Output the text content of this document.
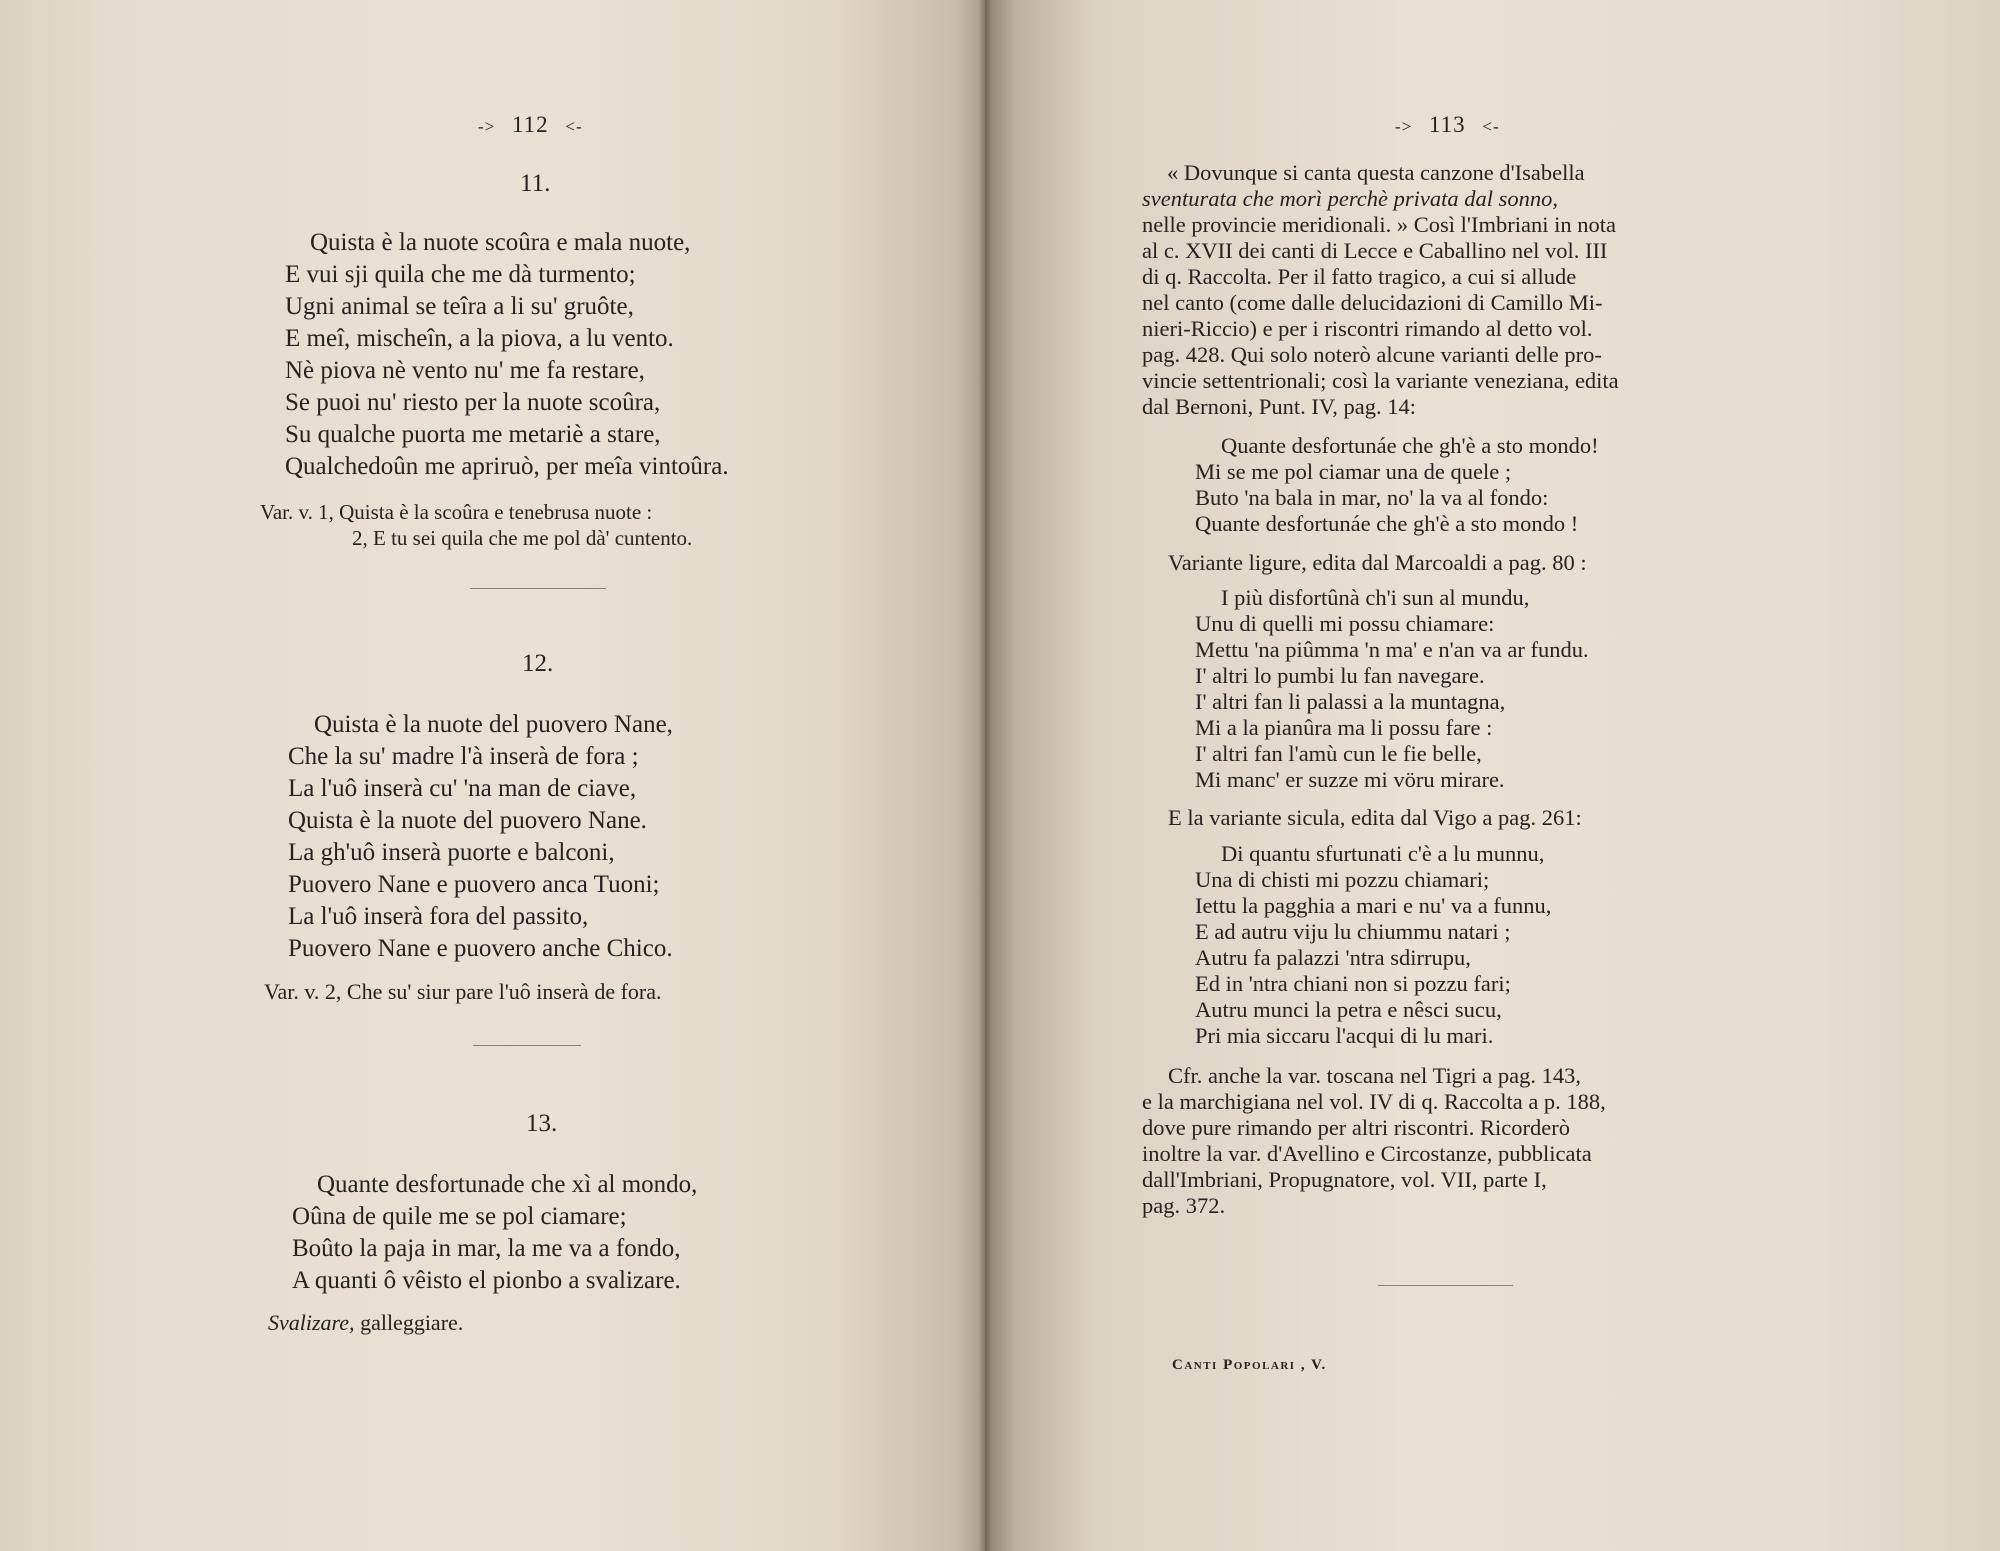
-> 112 <-
11.
Quista è la nuote scoûra e mala nuote,
E vui sji quila che me dà turmento;
Ugni animal se teîra a li su' gruôte,
E meî, mischeîn, a la piova, a lu vento.
Nè piova nè vento nu' me fa restare,
Se puoi nu' riesto per la nuote scoûra,
Su qualche puorta me metariè a stare,
Qualchedoûn me apriruò, per meîa vintoûra.
Var. v. 1, Quista è la scoûra e tenebrusa nuote :
2, E tu sei quila che me pol dà' cuntento.
12.
Quista è la nuote del puovero Nane,
Che la su' madre l'à inserà de fora ;
La l'uô inserà cu' 'na man de ciave,
Quista è la nuote del puovero Nane.
La gh'uô inserà puorte e balconi,
Puovero Nane e puovero anca Tuoni;
La l'uô inserà fora del passito,
Puovero Nane e puovero anche Chico.
Var. v. 2, Che su' siur pare l'uô inserà de fora.
13.
Quante desfortunade che xì al mondo,
Oûna de quile me se pol ciamare;
Boûto la paja in mar, la me va a fondo,
A quanti ô vêisto el pionbo a svalizare.
Svalizare, galleggiare.
-> 113 <-
« Dovunque si canta questa canzone d'Isabella
sventurata che morì perchè privata dal sonno,
nelle provincie meridionali. » Così l'Imbriani in nota
al c. XVII dei canti di Lecce e Caballino nel vol. III
di q. Raccolta. Per il fatto tragico, a cui si allude
nel canto (come dalle delucidazioni di Camillo Mi-
nieri-Riccio) e per i riscontri rimando al detto vol.
pag. 428. Qui solo noterò alcune varianti delle pro-
vincie settentrionali; così la variante veneziana, edita
dal Bernoni, Punt. IV, pag. 14:
Quante desfortunáe che gh'è a sto mondo!
Mi se me pol ciamar una de quele ;
Buto 'na bala in mar, no' la va al fondo:
Quante desfortunáe che gh'è a sto mondo !
Variante ligure, edita dal Marcoaldi a pag. 80 :
I più disfortûnà ch'i sun al mundu,
Unu di quelli mi possu chiamare:
Mettu 'na piûmma 'n ma' e n'an va ar fundu.
I' altri lo pumbi lu fan navegare.
I' altri fan li palassi a la muntagna,
Mi a la pianûra ma li possu fare :
I' altri fan l'amù cun le fie belle,
Mi manc' er suzze mi vöru mirare.
E la variante sicula, edita dal Vigo a pag. 261:
Di quantu sfurtunati c'è a lu munnu,
Una di chisti mi pozzu chiamari;
Iettu la pagghia a mari e nu' va a funnu,
E ad autru viju lu chiummu natari ;
Autru fa palazzi 'ntra sdirrupu,
Ed in 'ntra chiani non si pozzu fari;
Autru munci la petra e nêsci sucu,
Pri mia siccaru l'acqui di lu mari.
Cfr. anche la var. toscana nel Tigri a pag. 143,
e la marchigiana nel vol. IV di q. Raccolta a p. 188,
dove pure rimando per altri riscontri. Ricorderò
inoltre la var. d'Avellino e Circostanze, pubblicata
dall'Imbriani, Propugnatore, vol. VII, parte I,
pag. 372.
Canti Popolari , V.
